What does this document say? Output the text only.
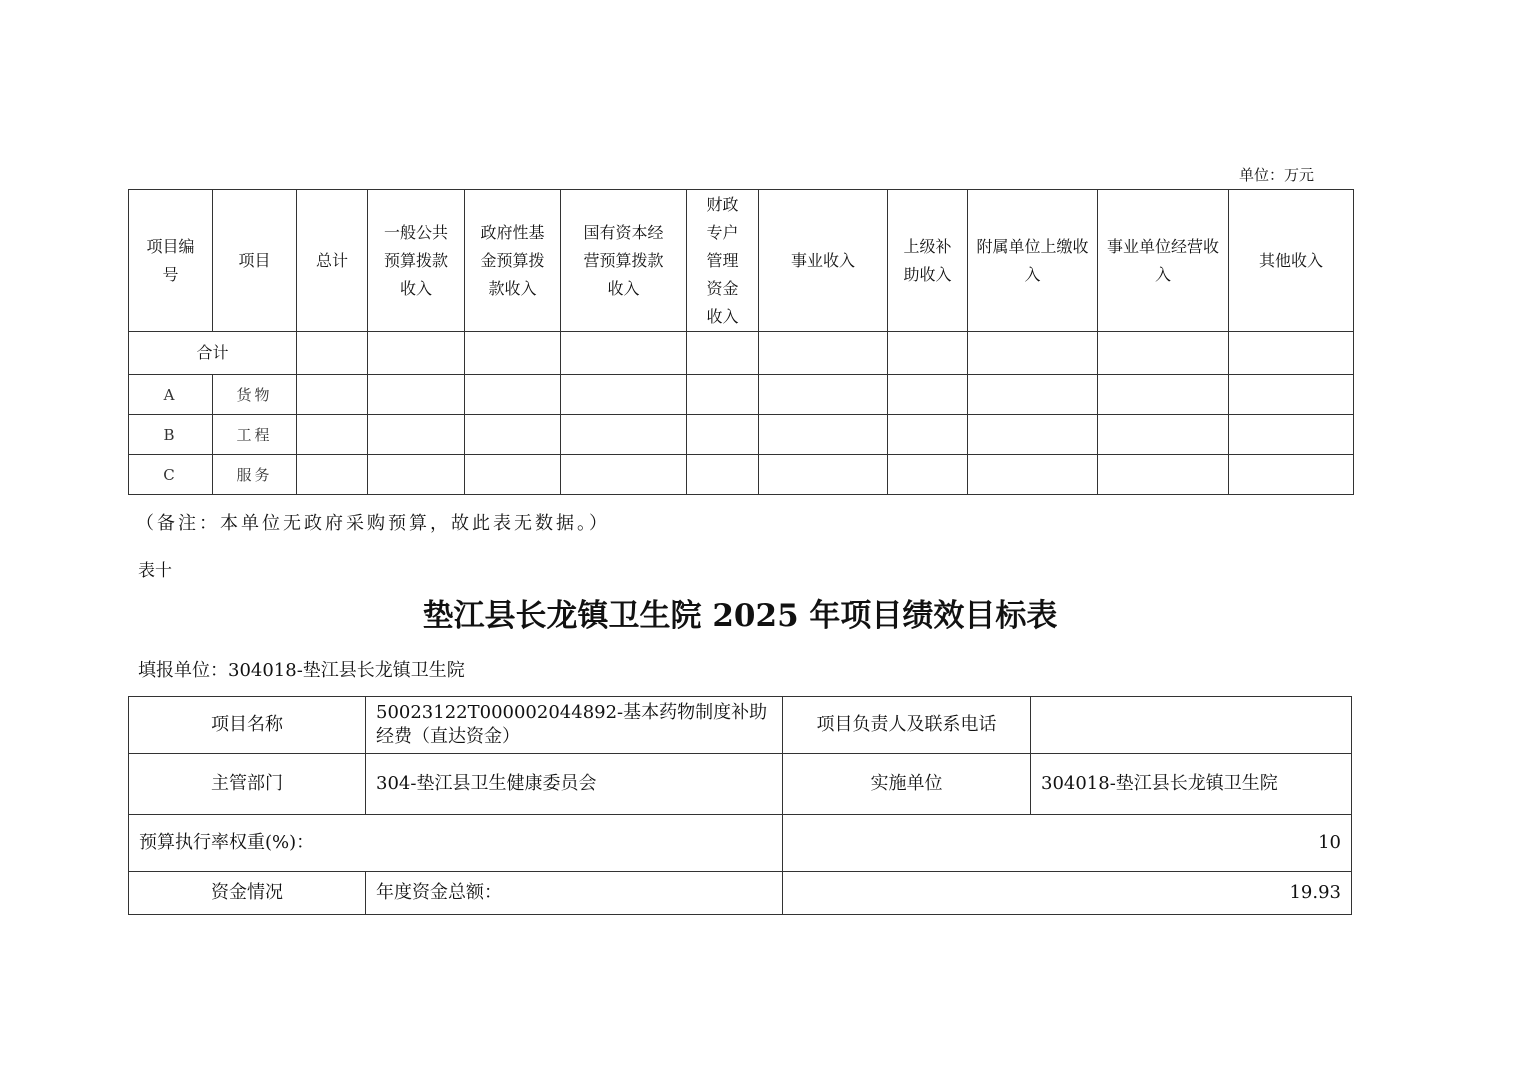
单位：万元
项目编号	项目	总计	一般公共预算拨款收入	政府性基金预算拨款收入	国有资本经营预算拨款收入	财政专户管理资金收入	事业收入	上级补助收入	附属单位上缴收入	事业单位经营收入	其他收入
合计											
A	货物										
B	工程										
C	服务										
（备注：本单位无政府采购预算，故此表无数据。）
表十
垫江县长龙镇卫生院 2025 年项目绩效目标表
填报单位：304018-垫江县长龙镇卫生院
项目名称	50023122T000002044892-基本药物制度补助经费（直达资金）	项目负责人及联系电话	
主管部门	304-垫江县卫生健康委员会	实施单位	304018-垫江县长龙镇卫生院
预算执行率权重(%)：		10	
资金情况	年度资金总额：	19.93	
